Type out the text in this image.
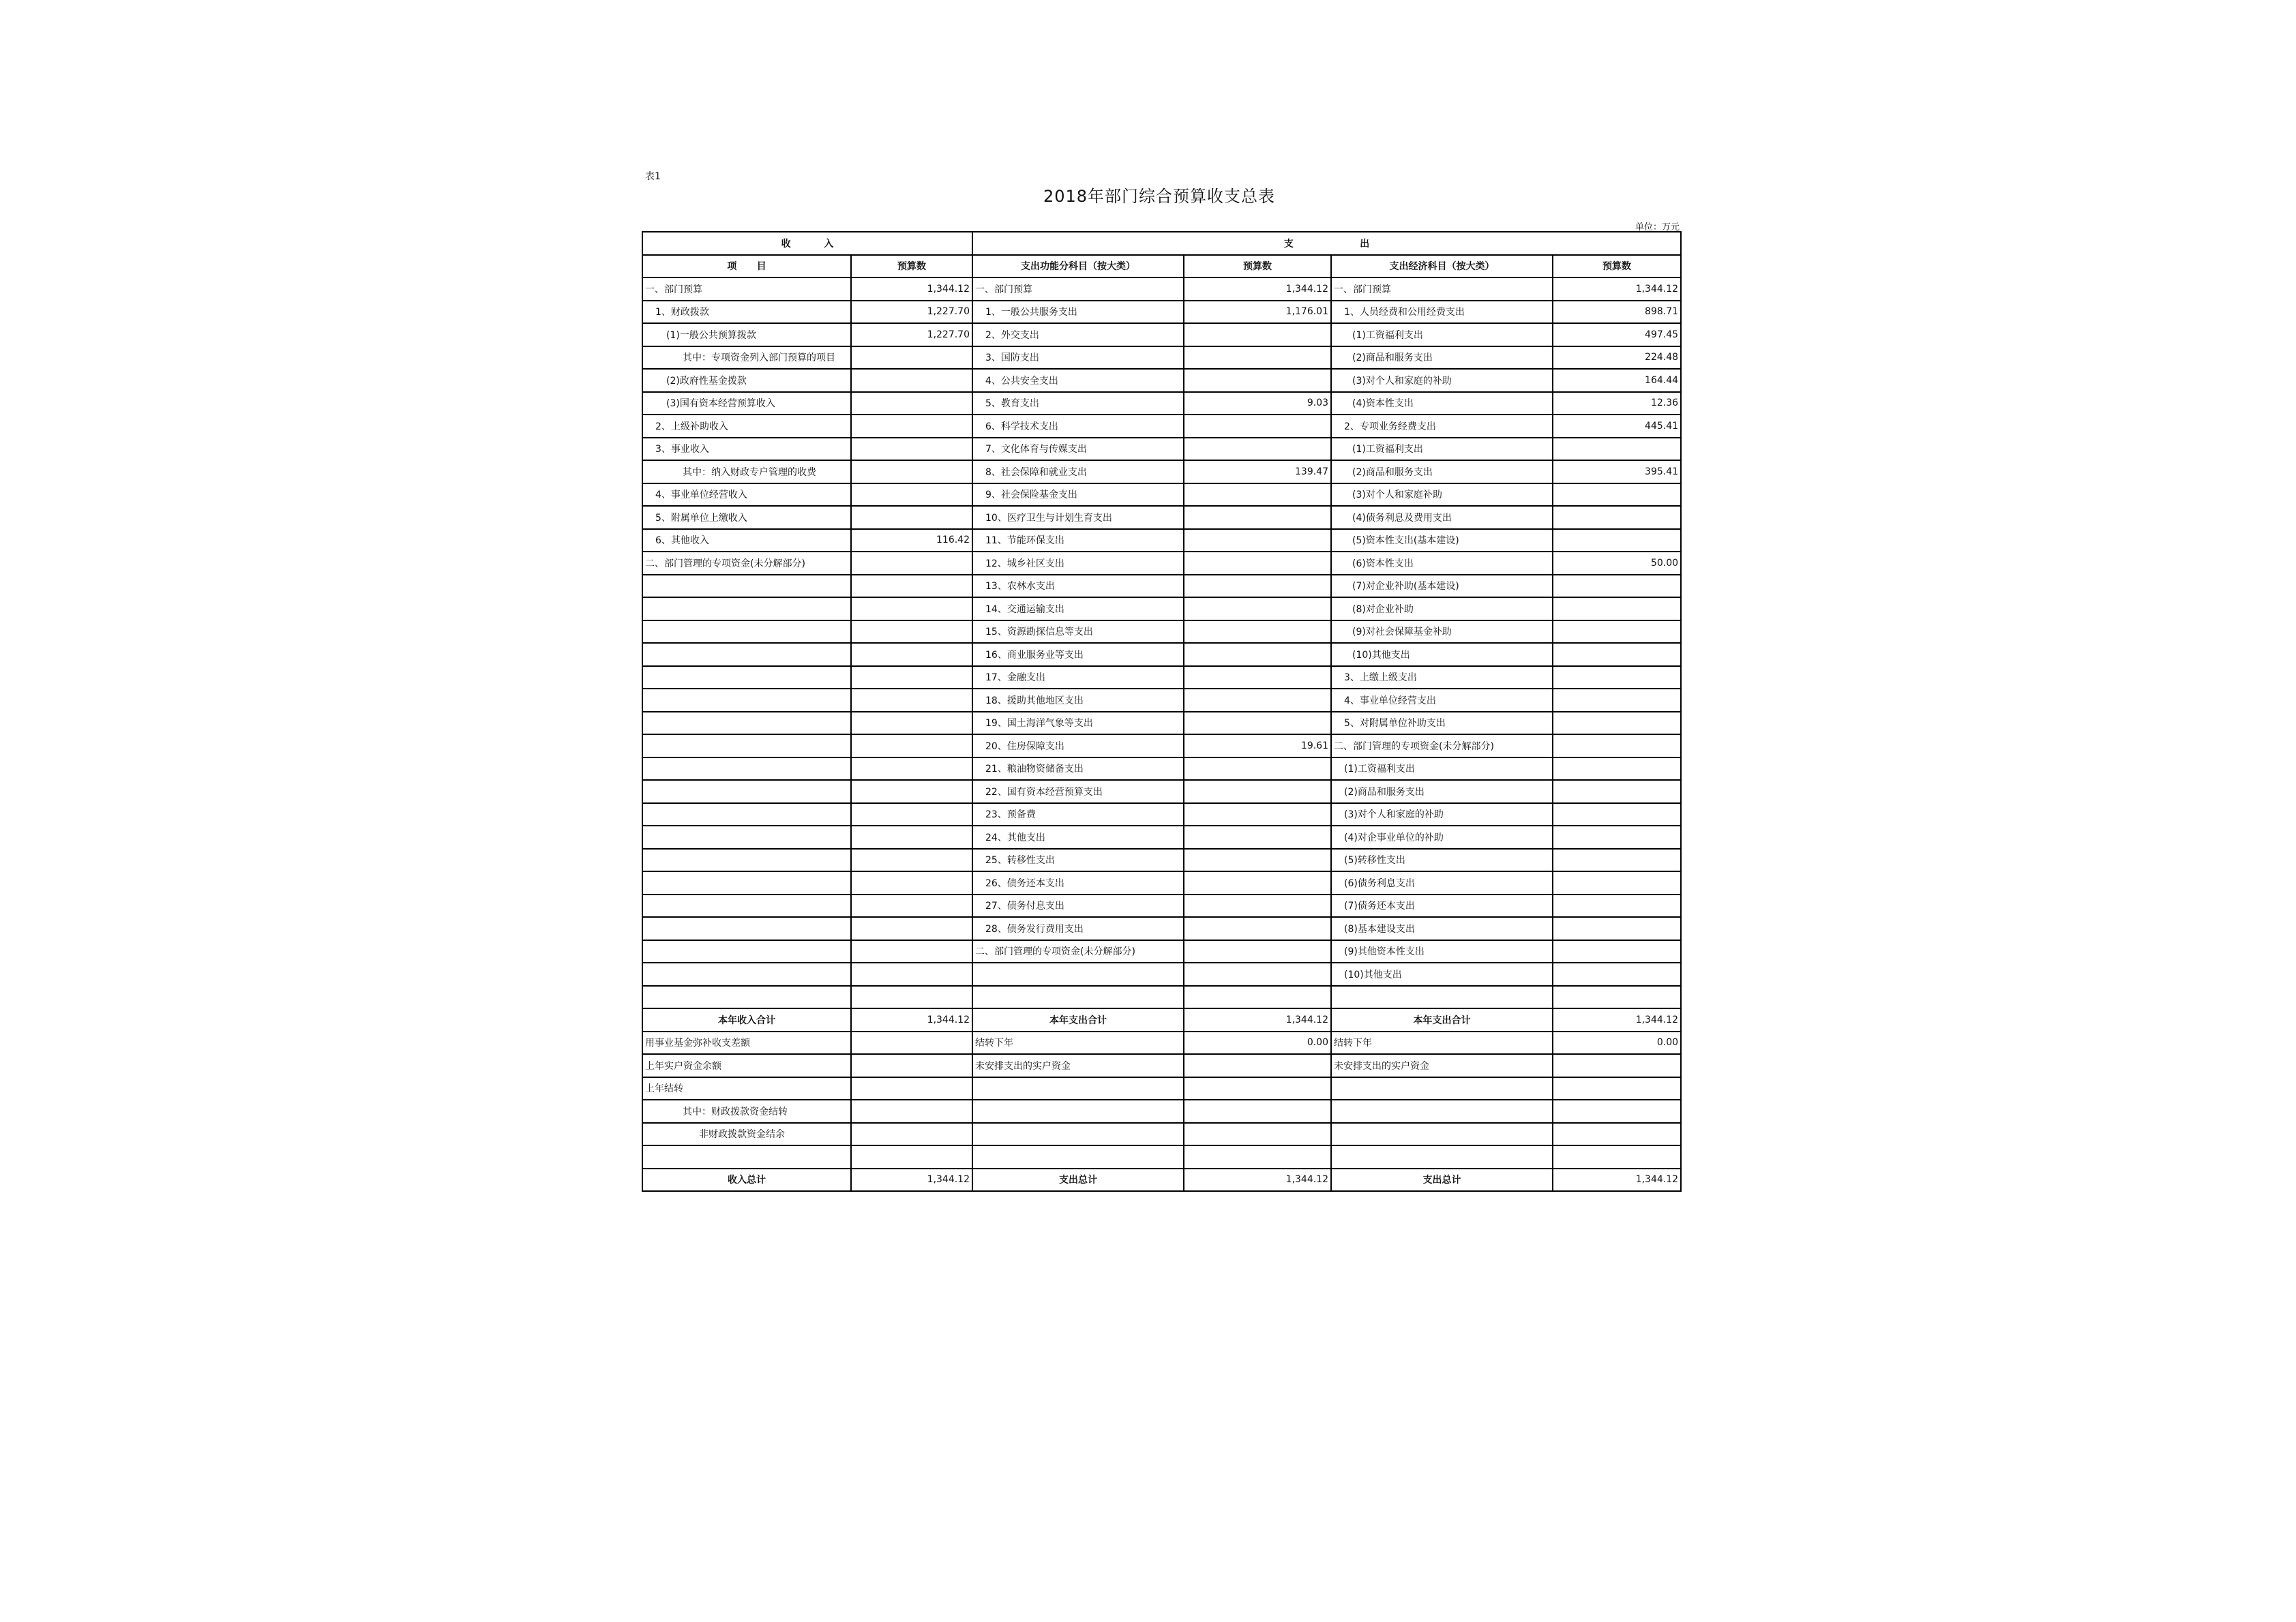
表1
2018年部门综合预算收支总表
单位：万元
收          入		支                    出			
项      目	预算数	支出功能分科目（按大类）	预算数	支出经济科目（按大类）	预算数
一、部门预算	1,344.12	一、部门预算	1,344.12	一、部门预算	1,344.12
1、财政拨款	1,227.70	1、一般公共服务支出	1,176.01	1、人员经费和公用经费支出	898.71
(1)一般公共预算拨款	1,227.70	2、外交支出		(1)工资福利支出	497.45
其中：专项资金列入部门预算的项目		3、国防支出		(2)商品和服务支出	224.48
(2)政府性基金拨款		4、公共安全支出		(3)对个人和家庭的补助	164.44
(3)国有资本经营预算收入		5、教育支出	9.03	(4)资本性支出	12.36
2、上级补助收入		6、科学技术支出		2、专项业务经费支出	445.41
3、事业收入		7、文化体育与传媒支出		(1)工资福利支出	
其中：纳入财政专户管理的收费		8、社会保障和就业支出	139.47	(2)商品和服务支出	395.41
4、事业单位经营收入		9、社会保险基金支出		(3)对个人和家庭补助	
5、附属单位上缴收入		10、医疗卫生与计划生育支出		(4)债务利息及费用支出	
6、其他收入	116.42	11、节能环保支出		(5)资本性支出(基本建设)	
二、部门管理的专项资金(未分解部分)		12、城乡社区支出		(6)资本性支出	50.00
		13、农林水支出		(7)对企业补助(基本建设)	
		14、交通运输支出		(8)对企业补助	
		15、资源勘探信息等支出		(9)对社会保障基金补助	
		16、商业服务业等支出		(10)其他支出	
		17、金融支出		3、上缴上级支出	
		18、援助其他地区支出		4、事业单位经营支出	
		19、国土海洋气象等支出		5、对附属单位补助支出	
		20、住房保障支出	19.61	二、部门管理的专项资金(未分解部分)	
		21、粮油物资储备支出		(1)工资福利支出	
		22、国有资本经营预算支出		(2)商品和服务支出	
		23、预备费		(3)对个人和家庭的补助	
		24、其他支出		(4)对企事业单位的补助	
		25、转移性支出		(5)转移性支出	
		26、债务还本支出		(6)债务利息支出	
		27、债务付息支出		(7)债务还本支出	
		28、债务发行费用支出		(8)基本建设支出	
		二、部门管理的专项资金(未分解部分)		(9)其他资本性支出	
				(10)其他支出	

本年收入合计	1,344.12	本年支出合计	1,344.12	本年支出合计	1,344.12
用事业基金弥补收支差额		结转下年	0.00	结转下年	0.00
上年实户资金余额		未安排支出的实户资金		未安排支出的实户资金	
上年结转					
其中：财政拨款资金结转					
非财政拨款资金结余					

收入总计	1,344.12	支出总计	1,344.12	支出总计	1,344.12
